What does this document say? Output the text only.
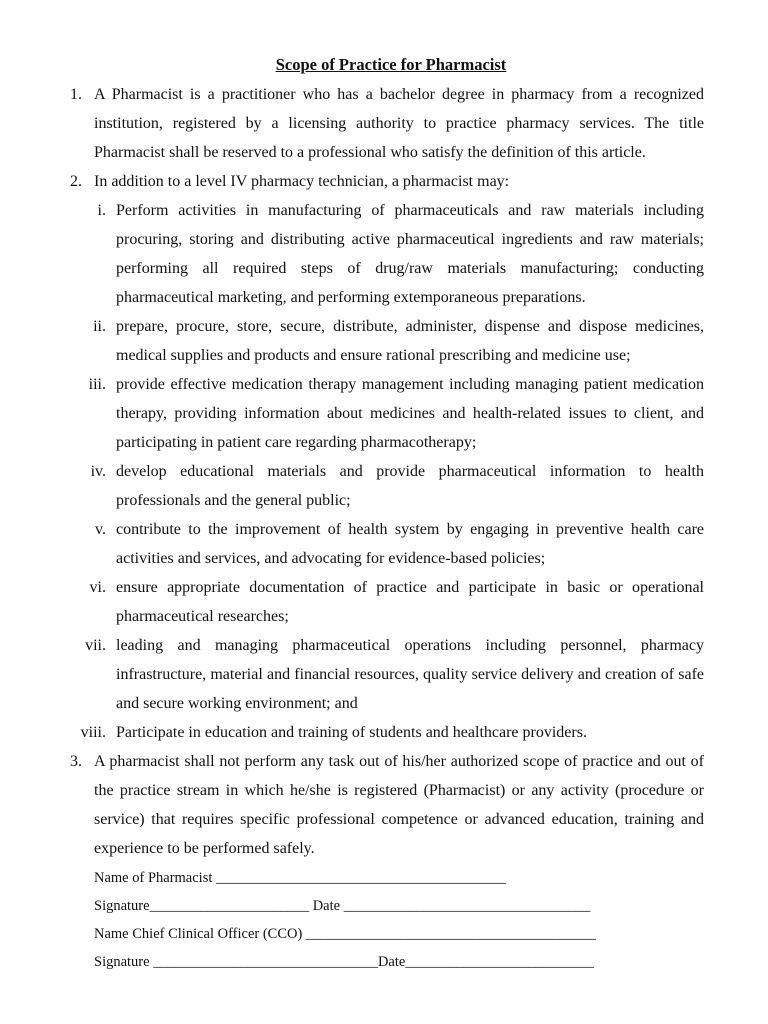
Scope of Practice for Pharmacist
1. A Pharmacist is a practitioner who has a bachelor degree in pharmacy from a recognized institution, registered by a licensing authority to practice pharmacy services. The title Pharmacist shall be reserved to a professional who satisfy the definition of this article.
2. In addition to a level IV pharmacy technician, a pharmacist may:
i. Perform activities in manufacturing of pharmaceuticals and raw materials including procuring, storing and distributing active pharmaceutical ingredients and raw materials; performing all required steps of drug/raw materials manufacturing; conducting pharmaceutical marketing, and performing extemporaneous preparations.
ii. prepare, procure, store, secure, distribute, administer, dispense and dispose medicines, medical supplies and products and ensure rational prescribing and medicine use;
iii. provide effective medication therapy management including managing patient medication therapy, providing information about medicines and health-related issues to client, and participating in patient care regarding pharmacotherapy;
iv. develop educational materials and provide pharmaceutical information to health professionals and the general public;
v. contribute to the improvement of health system by engaging in preventive health care activities and services, and advocating for evidence-based policies;
vi. ensure appropriate documentation of practice and participate in basic or operational pharmaceutical researches;
vii. leading and managing pharmaceutical operations including personnel, pharmacy infrastructure, material and financial resources, quality service delivery and creation of safe and secure working environment; and
viii. Participate in education and training of students and healthcare providers.
3. A pharmacist shall not perform any task out of his/her authorized scope of practice and out of the practice stream in which he/she is registered (Pharmacist) or any activity (procedure or service) that requires specific professional competence or advanced education, training and experience to be performed safely.
Name of Pharmacist ________________________________________
Signature______________________ Date __________________________________
Name Chief Clinical Officer (CCO) ________________________________________
Signature _______________________________Date__________________________
